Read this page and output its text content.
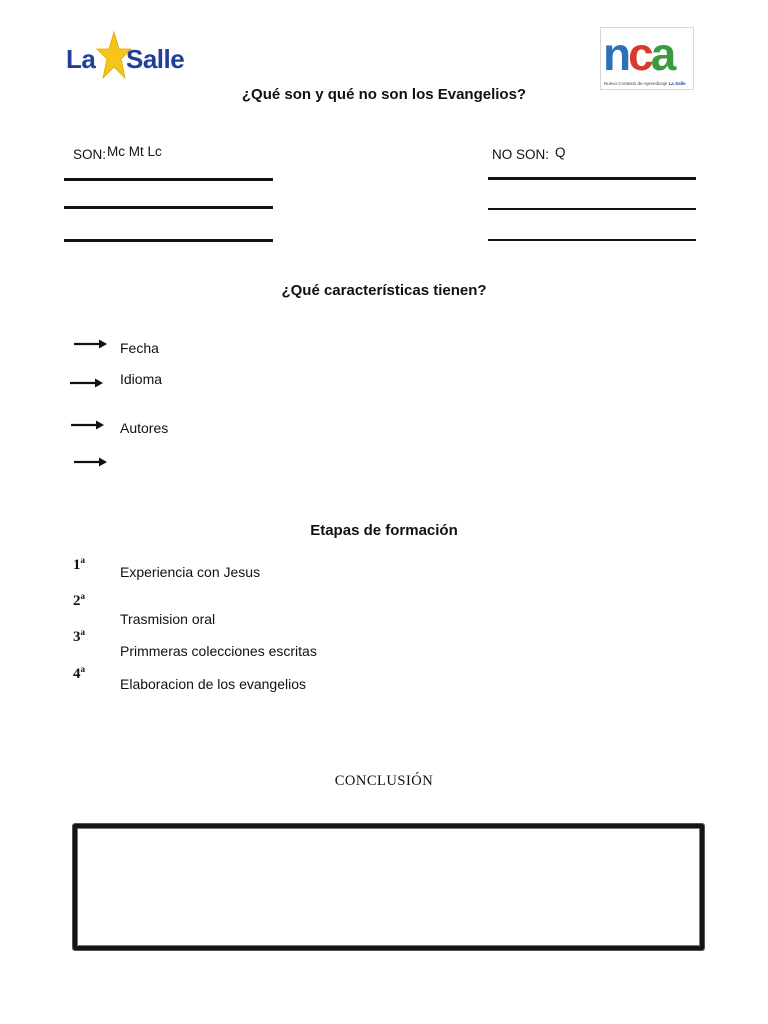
La Salle	nca
Nuevo Contexto de Aprendizaje La Salle
¿Qué son y qué no son los Evangelios?
SON: Mc Mt Lc	NO SON: Q
¿Qué características tienen?
Fecha
Idioma
Autores
Etapas de formación
1$^a$
2$^a$
3$^a$
4$^a$
Experiencia con Jesus
Trasmision oral
Primmeras colecciones escritas
Elaboracion de los evangelios
CONCLUSIÓN
